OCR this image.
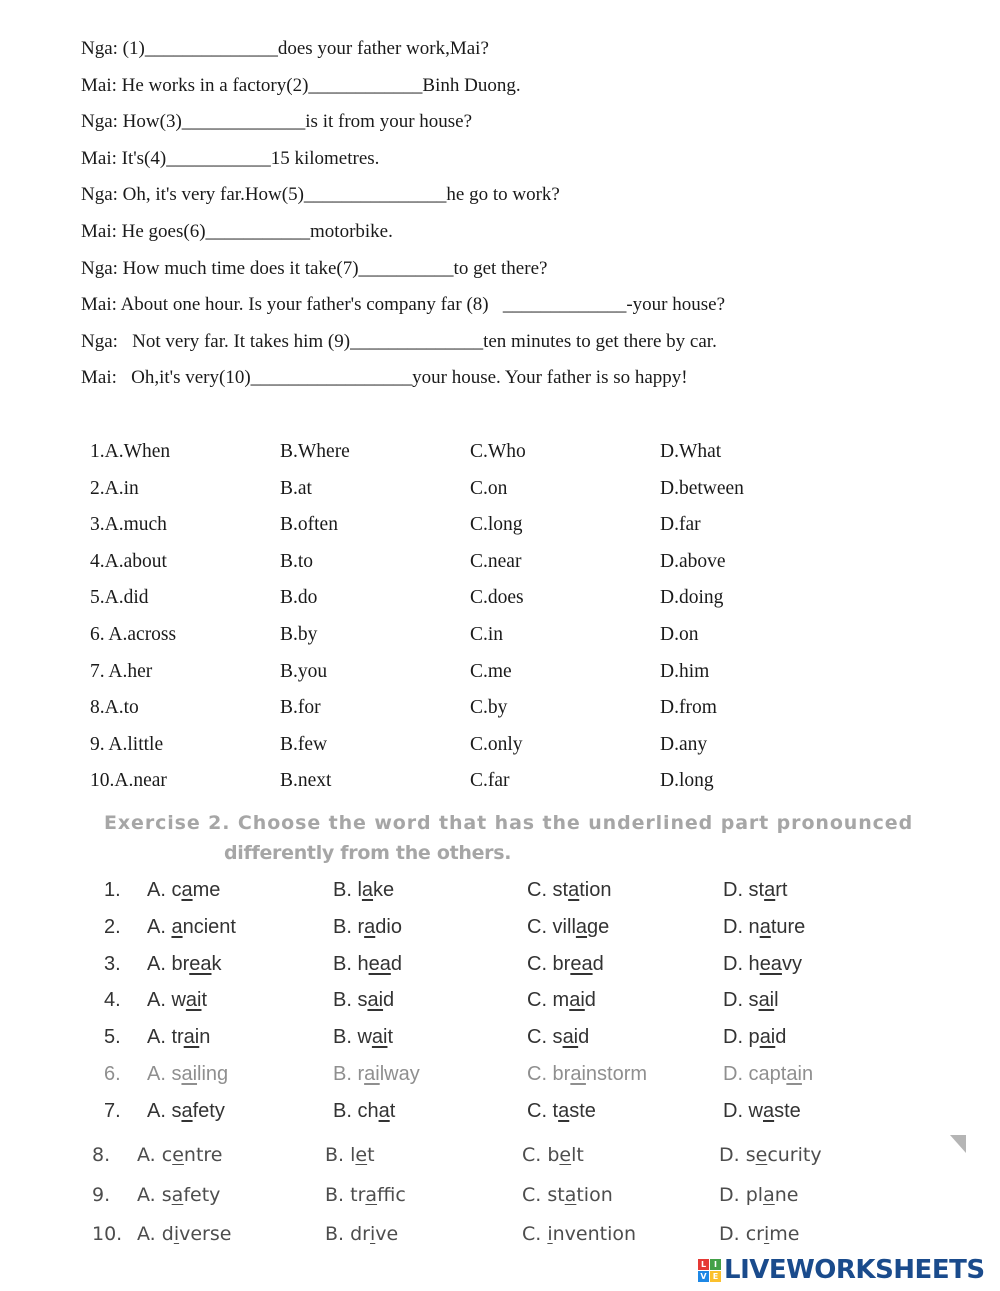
Nga: (1)______________does your father work,Mai?
Mai: He works in a factory(2)____________Binh Duong.
Nga: How(3)_____________is it from your house?
Mai: It's(4)___________15 kilometres.
Nga: Oh, it's very far.How(5)_______________he go to work?
Mai: He goes(6)___________motorbike.
Nga: How much time does it take(7)__________to get there?
Mai: About one hour. Is your father's company far (8)   _____________-your house?
Nga:   Not very far. It takes him (9)______________ten minutes to get there by car.
Mai:   Oh,it's very(10)_________________your house. Your father is so happy!
1.A.When	B.Where	C.Who	D.What
2.A.in	B.at	C.on	D.between
3.A.much	B.often	C.long	D.far
4.A.about	B.to	C.near	D.above
5.A.did	B.do	C.does	D.doing
6. A.across	B.by	C.in	D.on
7. A.her	B.you	C.me	D.him
8.A.to	B.for	C.by	D.from
9. A.little	B.few	C.only	D.any
10.A.near	B.next	C.far	D.long
Exercise 2. Choose the word that has the underlined part pronounced
differently from the others.
1. A. came	B. lake	C. station	D. start
2. A. ancient	B. radio	C. village	D. nature
3. A. break	B. head	C. bread	D. heavy
4. A. wait	B. said	C. maid	D. sail
5. A. train	B. wait	C. said	D. paid
6. A. sailing	B. railway	C. brainstorm	D. captain
7. A. safety	B. chat	C. taste	D. waste
8. A. centre	B. let	C. belt	D. security
9. A. safety	B. traffic	C. station	D. plane
10. A. diverse	B. drive	C. invention	D. crime
L I
V E LIVEWORKSHEETS
